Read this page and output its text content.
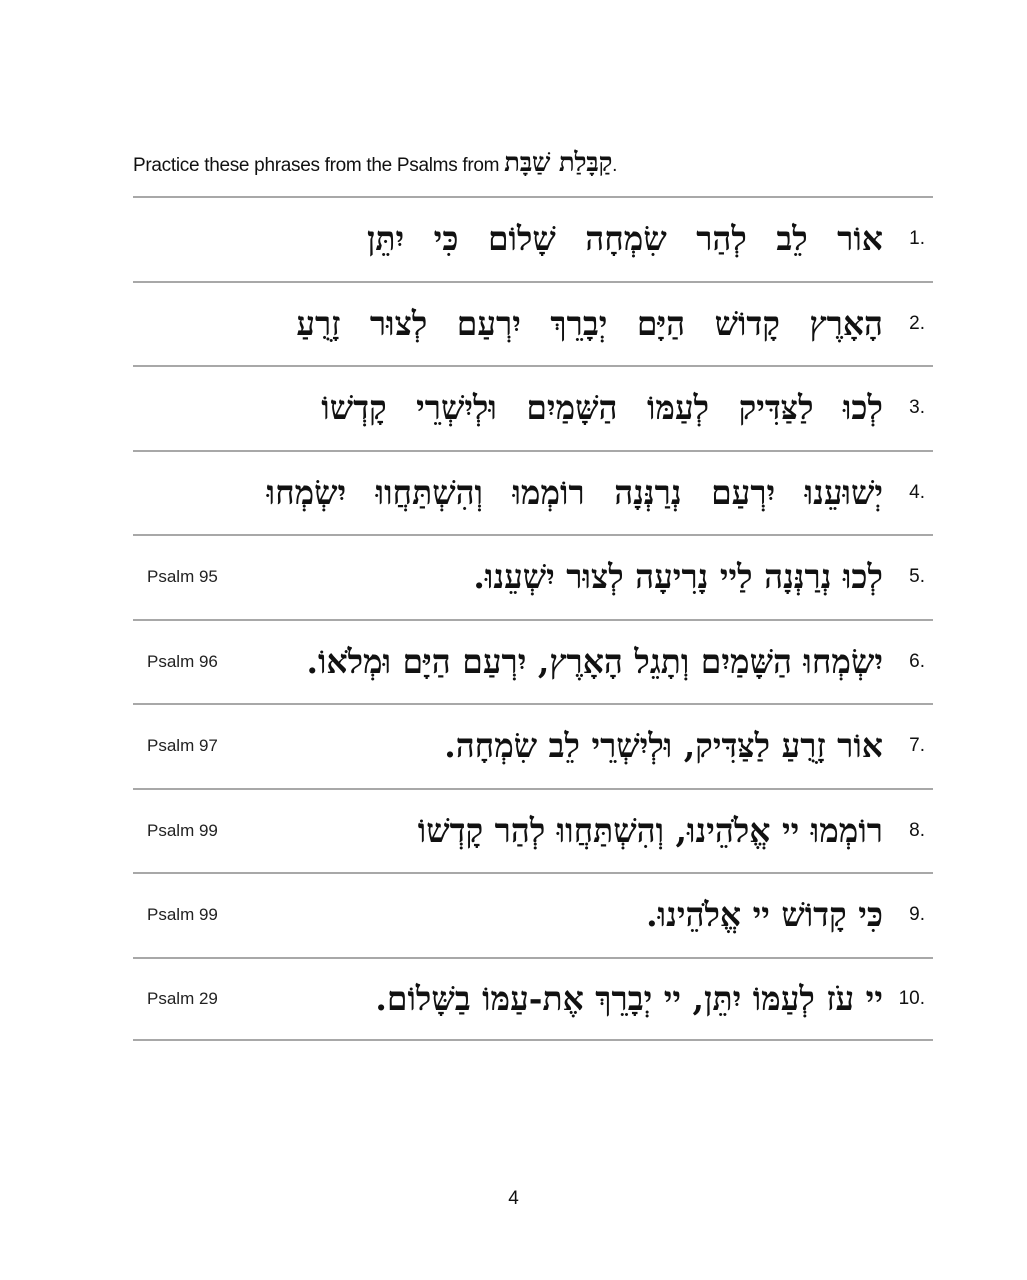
Practice these phrases from the Psalms from קַבָּלַת שַׁבָּת.
אוֹר לֵב לְהַר שִׂמְחָה שָׁלוֹם כִּי יִתֵּן 1.
הָאָרֶץ קָדוֹשׁ הַיָּם יְבָרֵךְ יִרְעַם לְצוּר זָרֻעַ 2.
לְכוּ לַצַּדִּיק לְעַמּוֹ הַשָּׁמַיִם וּלְיִשְׁרֵי קָדְשׁוֹ 3.
יְשׁוּעֵנוּ יִרְעַם נְרַנְּנָה רוֹמְמוּ וְהִשְׁתַּחֲווּ יִשְׂמְחוּ 4.
Psalm 95	לְכוּ נְרַנְּנָה לַיי נָרִיעָה לְצוּר יִשְׁעֵנוּ. 5.
Psalm 96	יִשְׂמְחוּ הַשָּׁמַיִם וְתָגֵל הָאָרֶץ, יִרְעַם הַיָּם וּמְלֹאוֹ. 6.
Psalm 97	אוֹר זָרֻעַ לַצַּדִּיק, וּלְיִשְׁרֵי לֵב שִׂמְחָה. 7.
Psalm 99	רוֹמְמוּ יי אֱלֹהֵינוּ, וְהִשְׁתַּחֲווּ לְהַר קָדְשׁוֹ 8.
Psalm 99	כִּי קָדוֹשׁ יי אֱלֹהֵינוּ. 9.
Psalm 29	יי עֹז לְעַמּוֹ יִתֵּן, יי יְבָרֵךְ אֶת-עַמּוֹ בַשָּׁלוֹם. 10.
4
